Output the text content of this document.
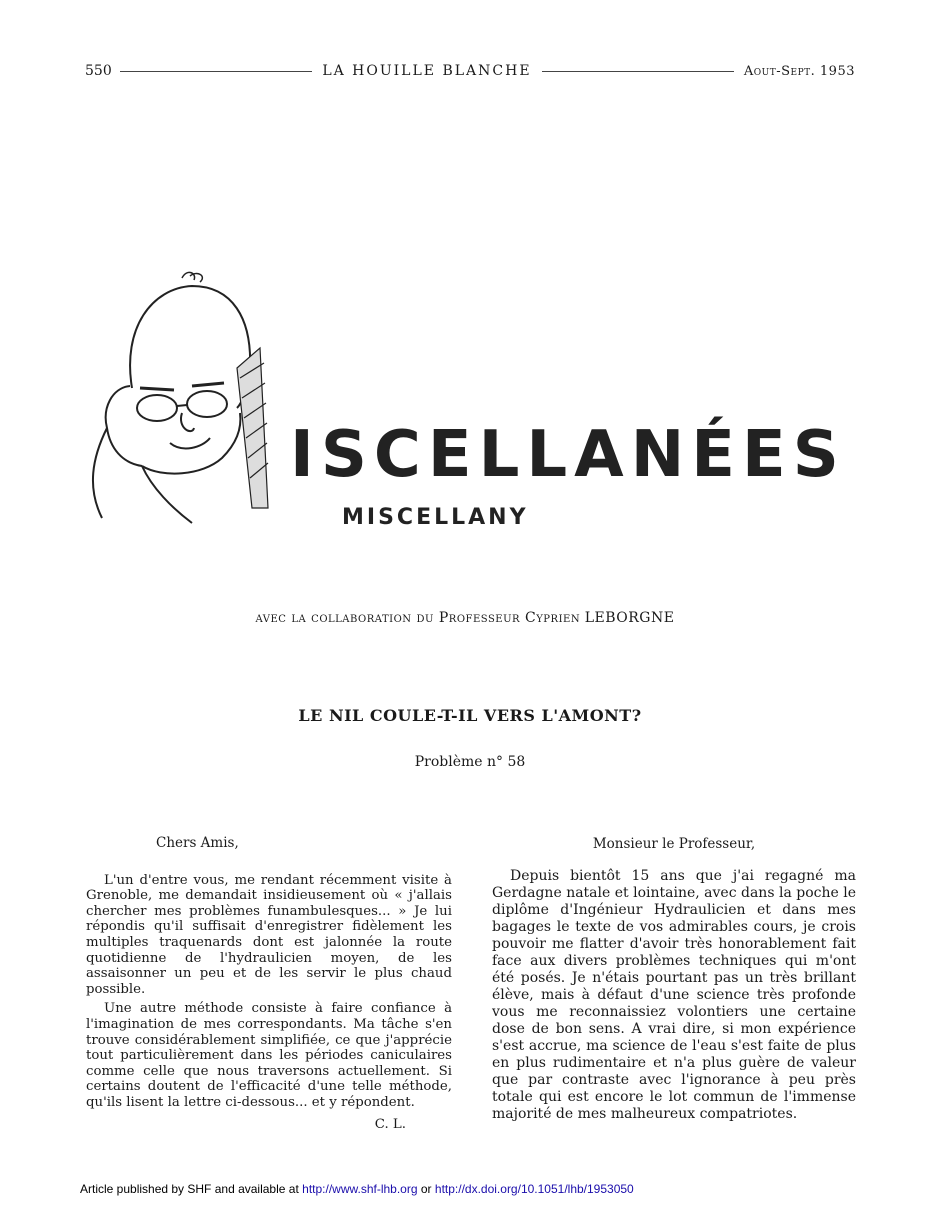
550	LA HOUILLE BLANCHE	Aout-Sept. 1953
ISCELLANÉES
MISCELLANY
avec la collaboration du Professeur Cyprien LEBORGNE
LE NIL COULE-T-IL VERS L'AMONT?
Problème n° 58
Chers Amis,

L'un d'entre vous, me rendant récemment visite à Grenoble, me demandait insidieusement où « j'allais chercher mes problèmes funambulesques... » Je lui répondis qu'il suffisait d'enregistrer fidèlement les multiples traquenards dont est jalonnée la route quotidienne de l'hydraulicien moyen, de les assaisonner un peu et de les servir le plus chaud possible.

Une autre méthode consiste à faire confiance à l'imagination de mes correspondants. Ma tâche s'en trouve considérablement simplifiée, ce que j'apprécie tout particulièrement dans les périodes caniculaires comme celle que nous traversons actuellement. Si certains doutent de l'efficacité d'une telle méthode, qu'ils lisent la lettre ci-dessous... et y répondent.

C. L.
Monsieur le Professeur,

Depuis bientôt 15 ans que j'ai regagné ma Gerdagne natale et lointaine, avec dans la poche le diplôme d'Ingénieur Hydraulicien et dans mes bagages le texte de vos admirables cours, je crois pouvoir me flatter d'avoir très honorablement fait face aux divers problèmes techniques qui m'ont été posés. Je n'étais pourtant pas un très brillant élève, mais à défaut d'une science très profonde vous me reconnaissiez volontiers une certaine dose de bon sens. A vrai dire, si mon expérience s'est accrue, ma science de l'eau s'est faite de plus en plus rudimentaire et n'a plus guère de valeur que par contraste avec l'ignorance à peu près totale qui est encore le lot commun de l'immense majorité de mes malheureux compatriotes.

Article published by SHF and available at http://www.shf-lhb.org or http://dx.doi.org/10.1051/lhb/1953050
